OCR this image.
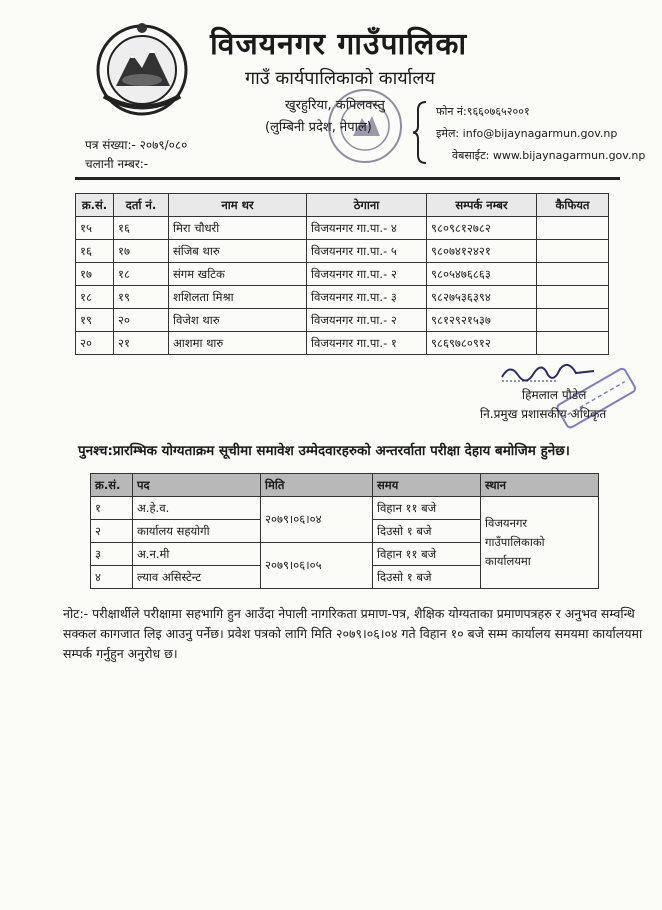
विजयनगर गाउँपालिका
गाउँ कार्यपालिकाको कार्यालय
खुरहुरिया, कपिलवस्तु
(लुम्बिनी प्रदेश, नेपाल)
फोन नं:९६६०७६५२००१
इमेल: info@bijaynagarmun.gov.np
वेबसाईट: www.bijaynagarmun.gov.np
पत्र संख्या:- २०७९/०८०
चलानी नम्बर:-
क्र.सं.	दर्ता नं.	नाम थर	ठेगाना	सम्पर्क नम्बर	कैफियत
१५	१६	मिरा चौधरी	विजयनगर गा.पा.- ४	९८०९८१२७८२	
१६	१७	संजिब थारु	विजयनगर गा.पा.- ५	९८०७४१२४२१	
१७	१८	संगम खटिक	विजयनगर गा.पा.- २	९८०५४७६८६३	
१८	१९	शशिलता मिश्रा	विजयनगर गा.पा.- ३	९८२७५३६३९४	
१९	२०	विजेश थारु	विजयनगर गा.पा.- २	९८१२९२१५३७	
२०	२१	आशमा थारु	विजयनगर गा.पा.- १	९८६९७८०९१२	
हिमलाल पौडेल
नि.प्रमुख प्रशासकीय अधिकृत
पुनश्च:प्रारम्भिक योग्यताक्रम सूचीमा समावेश उम्मेदवारहरुको अन्तरर्वाता परीक्षा देहाय बमोजिम हुनेछ।
क्र.सं.	पद	मिति	समय	स्थान
१	अ.हे.व.	२०७९।०६।०४	विहान ११ बजे	विजयनगर
गाउँपालिकाको
कार्यालयमा

२	कार्यालय सहयोगी		दिउसो १ बजे	
३	अ.न.मी	२०७९।०६।०५	विहान ११ बजे	
४	ल्याव असिस्टेन्ट		दिउसो १ बजे	
नोट:- परीक्षार्थीले परीक्षामा सहभागि हुन आउँदा नेपाली नागरिकता प्रमाण-पत्र, शैक्षिक योग्यताका प्रमाणपत्रहरु र अनुभव सम्वन्धि सक्कल कागजात लिइ आउनु पर्नेछ। प्रवेश पत्रको लागि मिति २०७९।०६।०४ गते विहान १० बजे सम्म कार्यालय समयमा कार्यालयमा सम्पर्क गर्नुहुन अनुरोध छ।
